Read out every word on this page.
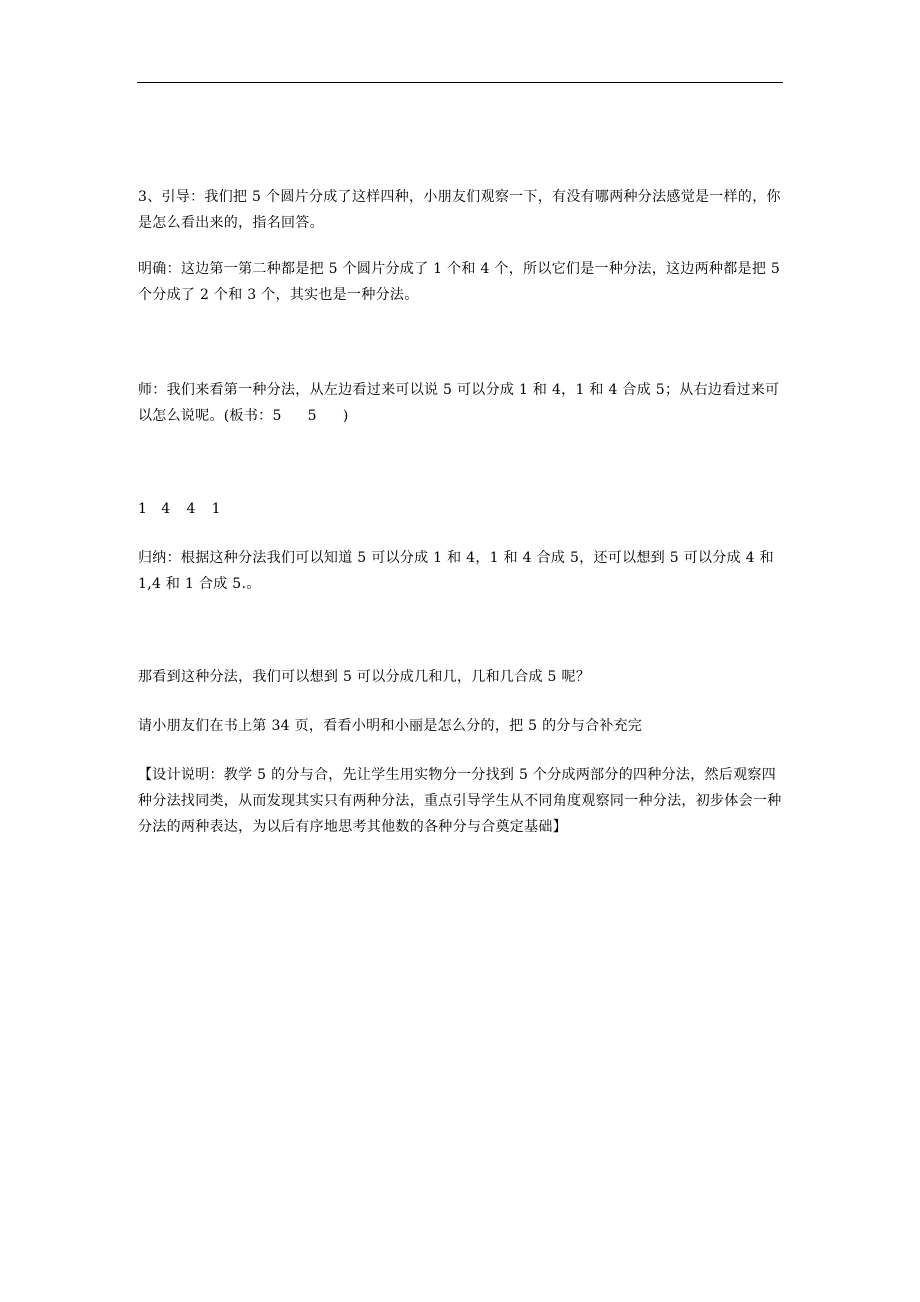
3、引导：我们把 5 个圆片分成了这样四种，小朋友们观察一下，有没有哪两种分法感觉是一样的，你是怎么看出来的，指名回答。

明确：这边第一第二种都是把 5 个圆片分成了 1 个和 4 个，所以它们是一种分法，这边两种都是把 5 个分成了 2 个和 3 个，其实也是一种分法。

师：我们来看第一种分法，从左边看过来可以说 5 可以分成 1 和 4，1 和 4 合成 5；从右边看过来可以怎么说呢。(板书：5 5 )

1 4 4 1

归纳：根据这种分法我们可以知道 5 可以分成 1 和 4，1 和 4 合成 5，还可以想到 5 可以分成 4 和 1,4 和 1 合成 5.。

那看到这种分法，我们可以想到 5 可以分成几和几，几和几合成 5 呢？

请小朋友们在书上第 34 页，看看小明和小丽是怎么分的，把 5 的分与合补充完

【设计说明：教学 5 的分与合，先让学生用实物分一分找到 5 个分成两部分的四种分法，然后观察四种分法找同类，从而发现其实只有两种分法，重点引导学生从不同角度观察同一种分法，初步体会一种分法的两种表达，为以后有序地思考其他数的各种分与合奠定基础】
